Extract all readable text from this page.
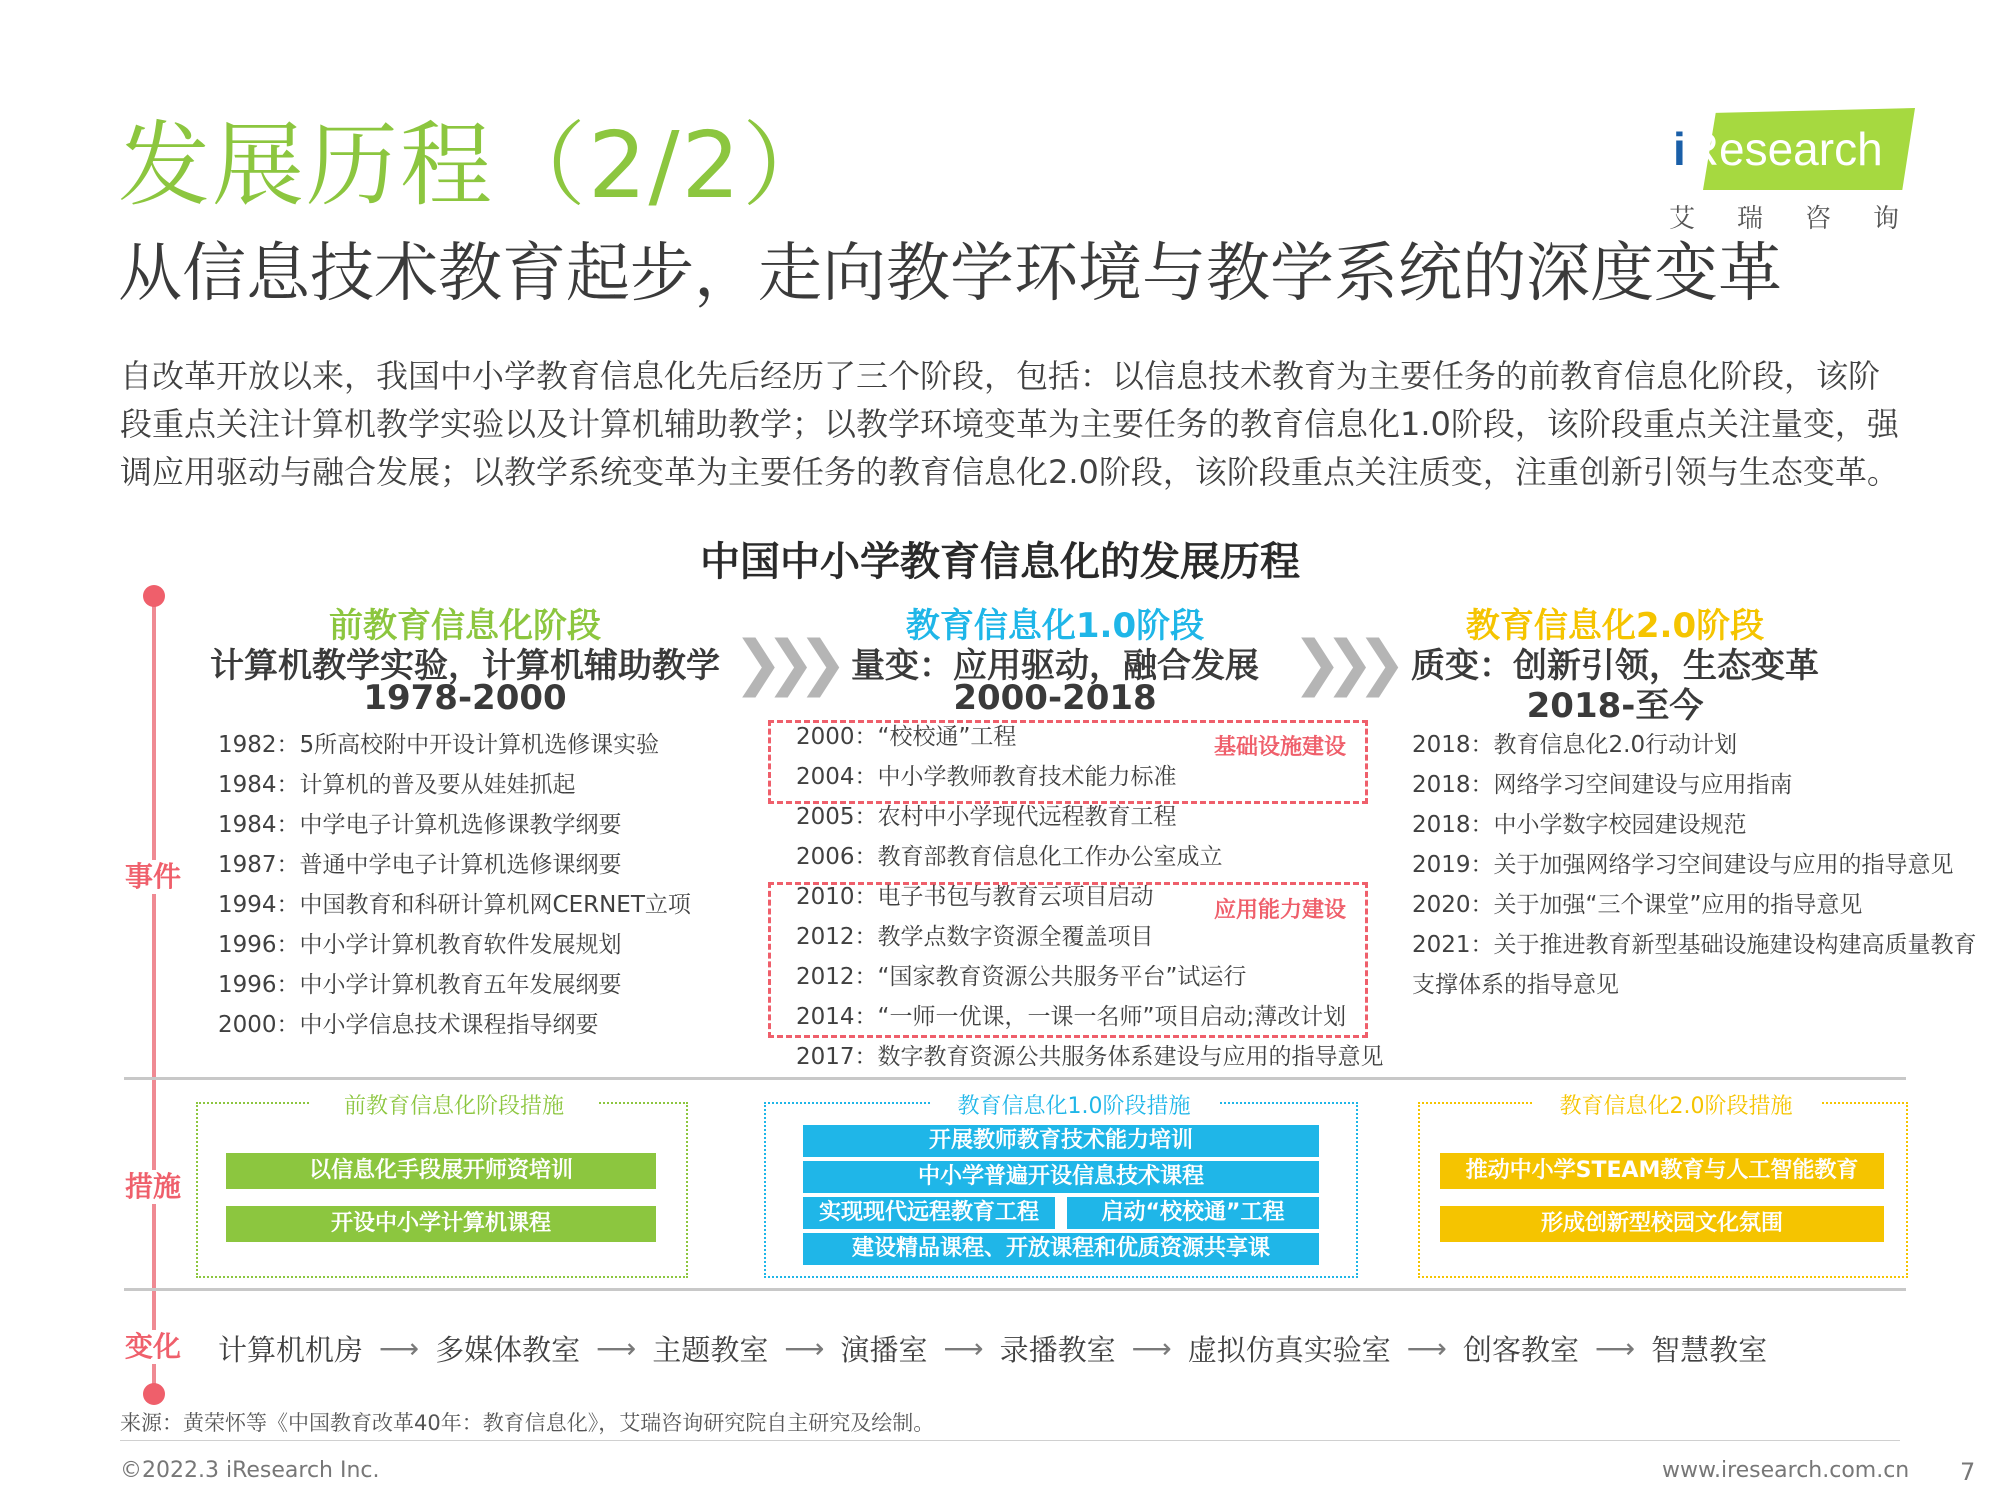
发展历程（2/2）
从信息技术教育起步，走向教学环境与教学系统的深度变革
自改革开放以来，我国中小学教育信息化先后经历了三个阶段，包括：以信息技术教育为主要任务的前教育信息化阶段，该阶段重点关注计算机教学实验以及计算机辅助教学；以教学环境变革为主要任务的教育信息化1.0阶段，该阶段重点关注量变，强调应用驱动与融合发展；以教学系统变革为主要任务的教育信息化2.0阶段，该阶段重点关注质变，注重创新引领与生态变革。
iResearch
艾瑞咨询
中国中小学教育信息化的发展历程
事件
措施
变化
前教育信息化阶段
计算机教学实验，计算机辅助教学
1978-2000	❯❯❯
教育信息化1.0阶段
量变：应用驱动，融合发展
2000-2018	❯❯❯
教育信息化2.0阶段
质变：创新引领，生态变革
2018-至今
1982：5所高校附中开设计算机选修课实验
1984：计算机的普及要从娃娃抓起
1984：中学电子计算机选修课教学纲要
1987：普通中学电子计算机选修课纲要
1994：中国教育和科研计算机网CERNET立项
1996：中小学计算机教育软件发展规划
1996：中小学计算机教育五年发展纲要
2000：中小学信息技术课程指导纲要
基础设施建设
应用能力建设
2000：“校校通”工程
2004：中小学教师教育技术能力标准
2005：农村中小学现代远程教育工程
2006：教育部教育信息化工作办公室成立
2010：电子书包与教育云项目启动
2012：教学点数字资源全覆盖项目
2012：“国家教育资源公共服务平台”试运行
2014：“一师一优课，一课一名师”项目启动;薄改计划
2017：数字教育资源公共服务体系建设与应用的指导意见
2018：教育信息化2.0行动计划
2018：网络学习空间建设与应用指南
2018：中小学数字校园建设规范
2019：关于加强网络学习空间建设与应用的指导意见
2020：关于加强“三个课堂”应用的指导意见
2021：关于推进教育新型基础设施建设构建高质量教育
支撑体系的指导意见
前教育信息化阶段措施
以信息化手段展开师资培训
开设中小学计算机课程
教育信息化1.0阶段措施
开展教师教育技术能力培训
中小学普遍开设信息技术课程
实现现代远程教育工程	启动“校校通”工程
建设精品课程、开放课程和优质资源共享课
教育信息化2.0阶段措施
推动中小学STEAM教育与人工智能教育
形成创新型校园文化氛围
计算机机房 ⟶ 多媒体教室 ⟶ 主题教室 ⟶ 演播室 ⟶ 录播教室 ⟶ 虚拟仿真实验室 ⟶ 创客教室 ⟶ 智慧教室
来源：黄荣怀等《中国教育改革40年：教育信息化》，艾瑞咨询研究院自主研究及绘制。
©2022.3 iResearch Inc.	www.iresearch.com.cn 7
